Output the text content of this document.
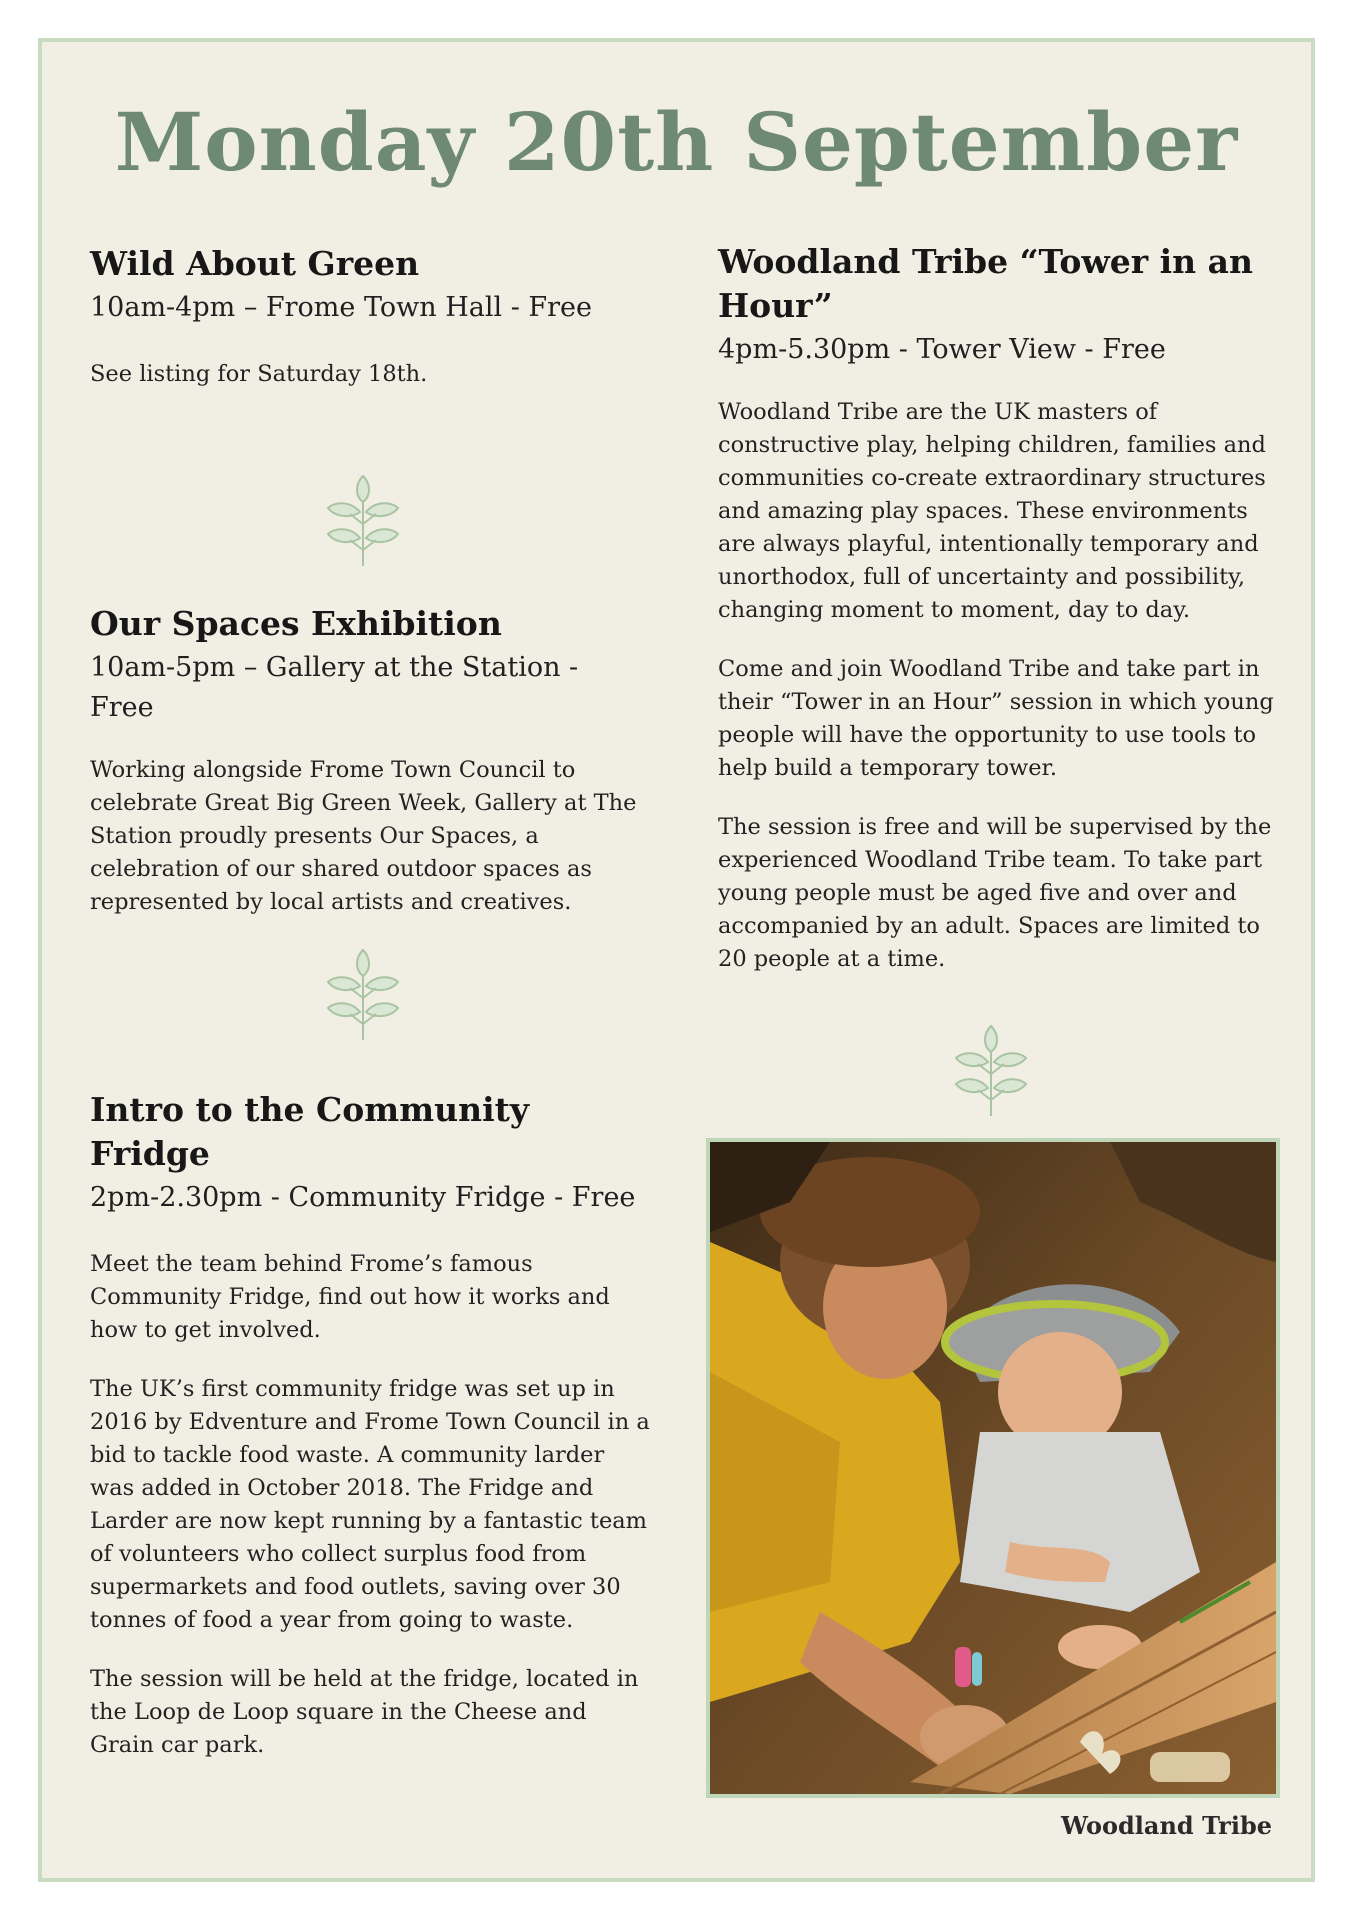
Monday 20th September
Wild About Green

10am-4pm – Frome Town Hall - Free

See listing for Saturday 18th.

Our Spaces Exhibition

10am-5pm – Gallery at the Station - Free

Working alongside Frome Town Council to celebrate Great Big Green Week, Gallery at The Station proudly presents Our Spaces, a celebration of our shared outdoor spaces as represented by local artists and creatives.

Intro to the Community Fridge

2pm-2.30pm - Community Fridge - Free

Meet the team behind Frome’s famous Community Fridge, find out how it works and how to get involved.

The UK’s first community fridge was set up in 2016 by Edventure and Frome Town Council in a bid to tackle food waste. A community larder was added in October 2018. The Fridge and Larder are now kept running by a fantastic team of volunteers who collect surplus food from supermarkets and food outlets, saving over 30 tonnes of food a year from going to waste.

The session will be held at the fridge, located in the Loop de Loop square in the Cheese and Grain car park.

Woodland Tribe “Tower in an Hour”

4pm-5.30pm - Tower View - Free

Woodland Tribe are the UK masters of constructive play, helping children, families and communities co-create extraordinary structures and amazing play spaces. These environments are always playful, intentionally temporary and unorthodox, full of uncertainty and possibility, changing moment to moment, day to day.

Come and join Woodland Tribe and take part in their “Tower in an Hour” session in which young people will have the opportunity to use tools to help build a temporary tower.

The session is free and will be supervised by the experienced Woodland Tribe team. To take part young people must be aged five and over and accompanied by an adult. Spaces are limited to 20 people at a time.

Woodland Tribe
